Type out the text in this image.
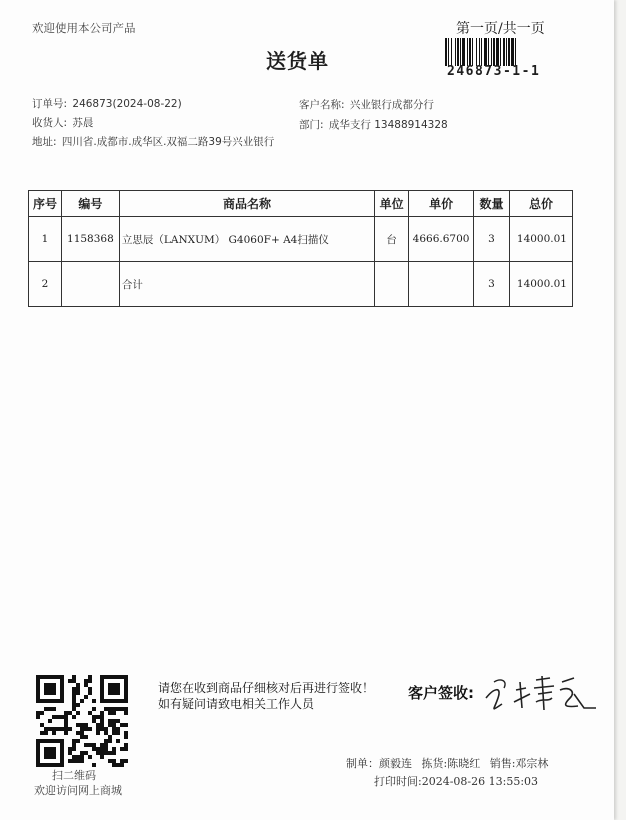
欢迎使用本公司产品	第一页/共一页
送货单	246873-1-1
订单号: 246873(2024-08-22)	客户名称: 兴业银行成都分行
收货人: 苏晨	部门: 成华支行 13488914328
地址: 四川省.成都市.成华区.双福二路39号兴业银行
序号	编号	商品名称	单位	单价	数量	总价
1	1158368	立思辰（LANXUM） G4060F+ A4扫描仪	台	4666.6700	3	14000.01
2		合计			3	14000.01
扫二维码
欢迎访问网上商城
请您在收到商品仔细核对后再进行签收！如有疑问请致电相关工作人员
客户签收:
制单：颜毅连 拣货:陈晓红 销售:邓宗林
打印时间:2024-08-26 13:55:03
